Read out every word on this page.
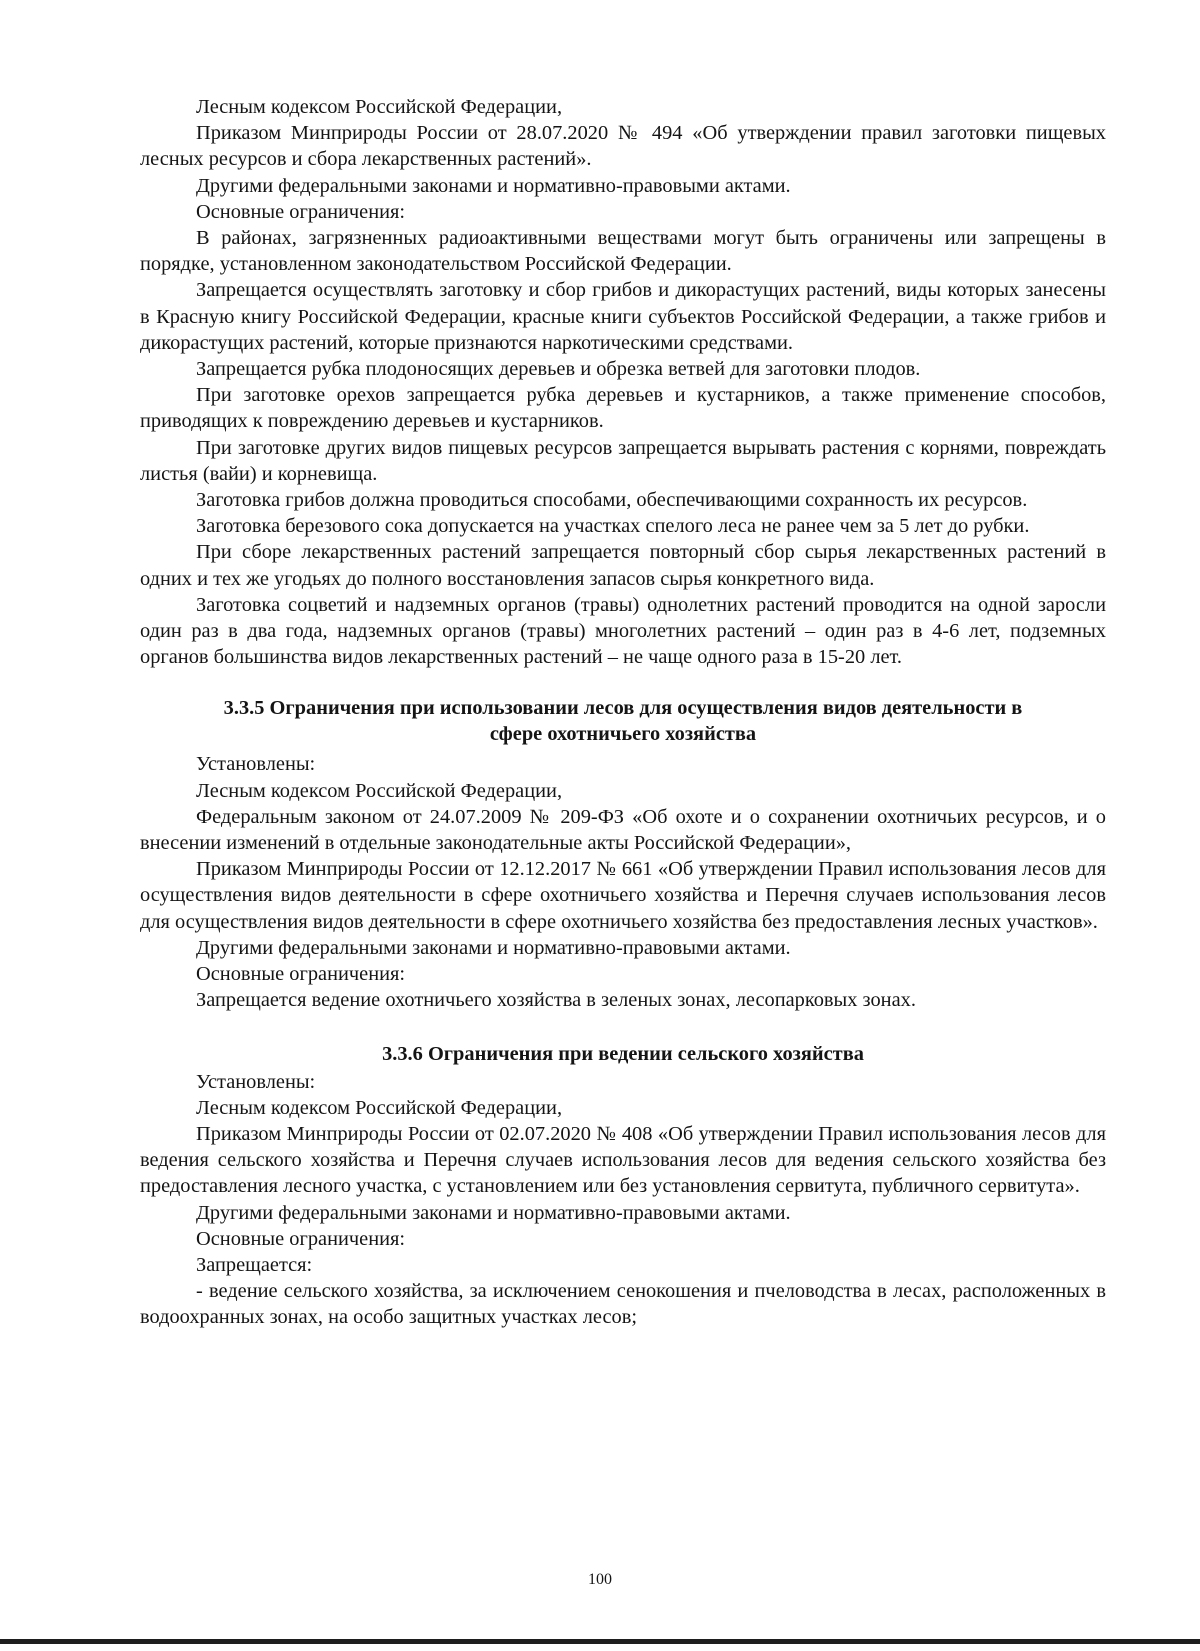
Лесным кодексом Российской Федерации,

Приказом Минприроды России от 28.07.2020 № 494 «Об утверждении правил заготовки пищевых лесных ресурсов и сбора лекарственных растений».

Другими федеральными законами и нормативно-правовыми актами.

Основные ограничения:

В районах, загрязненных радиоактивными веществами могут быть ограничены или запрещены в порядке, установленном законодательством Российской Федерации.

Запрещается осуществлять заготовку и сбор грибов и дикорастущих растений, виды которых занесены в Красную книгу Российской Федерации, красные книги субъектов Российской Федерации, а также грибов и дикорастущих растений, которые признаются наркотическими средствами.

Запрещается рубка плодоносящих деревьев и обрезка ветвей для заготовки плодов.

При заготовке орехов запрещается рубка деревьев и кустарников, а также применение способов, приводящих к повреждению деревьев и кустарников.

При заготовке других видов пищевых ресурсов запрещается вырывать растения с корнями, повреждать листья (вайи) и корневища.

Заготовка грибов должна проводиться способами, обеспечивающими сохранность их ресурсов.

Заготовка березового сока допускается на участках спелого леса не ранее чем за 5 лет до рубки.

При сборе лекарственных растений запрещается повторный сбор сырья лекарственных растений в одних и тех же угодьях до полного восстановления запасов сырья конкретного вида.

Заготовка соцветий и надземных органов (травы) однолетних растений проводится на одной заросли один раз в два года, надземных органов (травы) многолетних растений – один раз в 4-6 лет, подземных органов большинства видов лекарственных растений – не чаще одного раза в 15-20 лет.

3.3.5 Ограничения при использовании лесов для осуществления видов деятельности в
сфере охотничьего хозяйства

Установлены:

Лесным кодексом Российской Федерации,

Федеральным законом от 24.07.2009 № 209-ФЗ «Об охоте и о сохранении охотничьих ресурсов, и о внесении изменений в отдельные законодательные акты Российской Федерации»,

Приказом Минприроды России от 12.12.2017 № 661 «Об утверждении Правил использования лесов для осуществления видов деятельности в сфере охотничьего хозяйства и Перечня случаев использования лесов для осуществления видов деятельности в сфере охотничьего хозяйства без предоставления лесных участков».

Другими федеральными законами и нормативно-правовыми актами.

Основные ограничения:

Запрещается ведение охотничьего хозяйства в зеленых зонах, лесопарковых зонах.

3.3.6 Ограничения при ведении сельского хозяйства

Установлены:

Лесным кодексом Российской Федерации,

Приказом Минприроды России от 02.07.2020 № 408 «Об утверждении Правил использования лесов для ведения сельского хозяйства и Перечня случаев использования лесов для ведения сельского хозяйства без предоставления лесного участка, с установлением или без установления сервитута, публичного сервитута».

Другими федеральными законами и нормативно-правовыми актами.

Основные ограничения:

Запрещается:

- ведение сельского хозяйства, за исключением сенокошения и пчеловодства в лесах, расположенных в водоохранных зонах, на особо защитных участках лесов;

100
